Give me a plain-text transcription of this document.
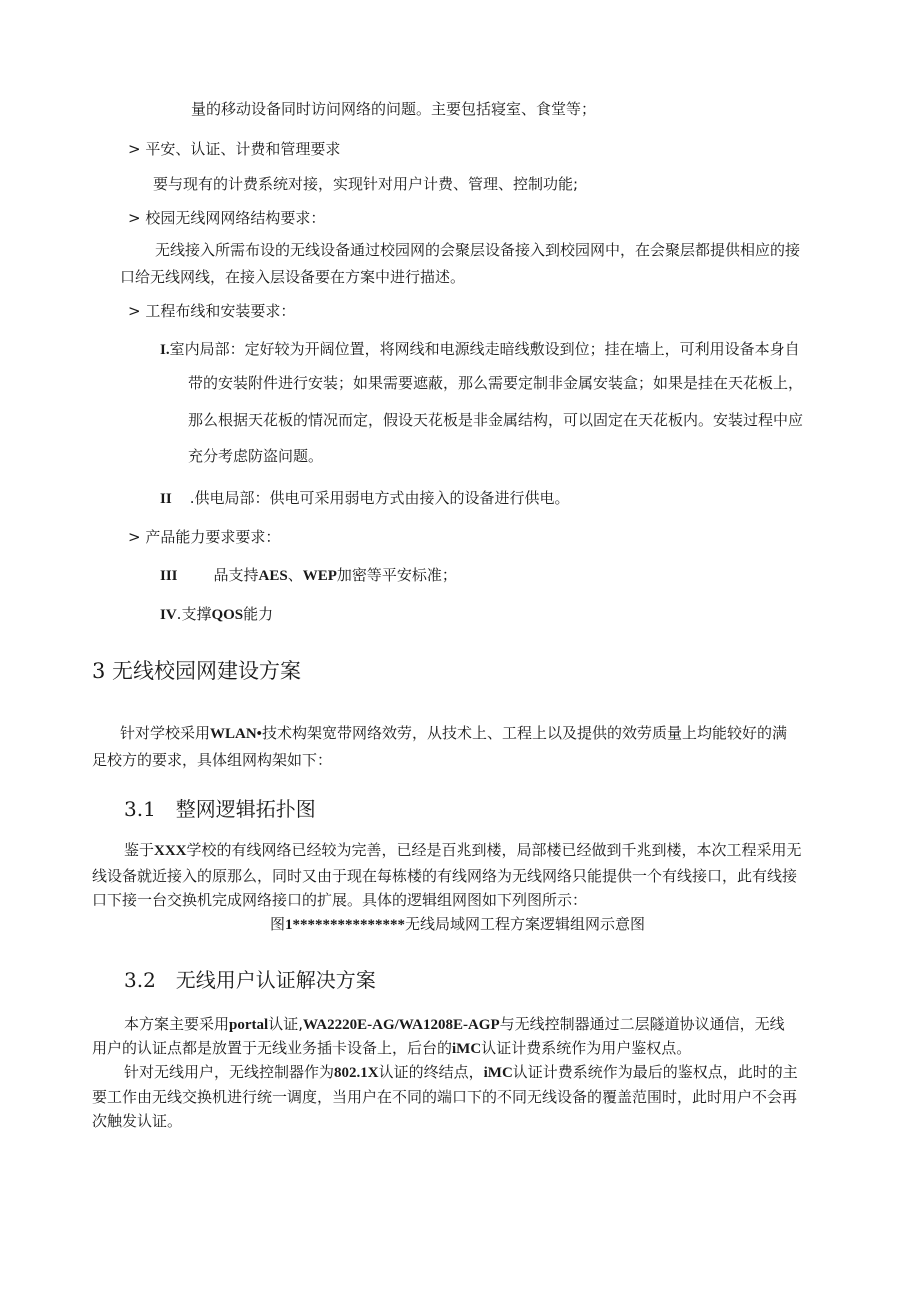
量的移动设备同时访问网络的问题。主要包括寝室、食堂等；
> 平安、认证、计费和管理要求
要与现有的计费系统对接，实现针对用户计费、管理、控制功能;
> 校园无线网网络结构要求：
无线接入所需布设的无线设备通过校园网的会聚层设备接入到校园网中，在会聚层都提供相应的接
口给无线网线，在接入层设备要在方案中进行描述。
> 工程布线和安装要求：
I.室内局部：定好较为开阔位置，将网线和电源线走暗线敷设到位；挂在墙上，可利用设备本身自
带的安装附件进行安装；如果需要遮蔽，那么需要定制非金属安装盒；如果是挂在天花板上，
那么根据天花板的情况而定，假设天花板是非金属结构，可以固定在天花板内。安装过程中应
充分考虑防盗问题。
II .供电局部：供电可采用弱电方式由接入的设备进行供电。
> 产品能力要求要求：
III 品支持AES、WEP加密等平安标准；
IV.支撑QOS能力
3 无线校园网建设方案
针对学校采用WLAN•技术构架宽带网络效劳，从技术上、工程上以及提供的效劳质量上均能较好的满
足校方的要求，具体组网构架如下：
3.1　整网逻辑拓扑图
鉴于XXX学校的有线网络已经较为完善，已经是百兆到楼，局部楼已经做到千兆到楼，本次工程采用无
线设备就近接入的原那么，同时又由于现在每栋楼的有线网络为无线网络只能提供一个有线接口，此有线接
口下接一台交换机完成网络接口的扩展。具体的逻辑组网图如下列图所示：
图1***************无线局域网工程方案逻辑组网示意图
3.2　无线用户认证解决方案
本方案主要采用portal认证,WA2220E-AG/WA1208E-AGP与无线控制器通过二层隧道协议通信，无线
用户的认证点都是放置于无线业务插卡设备上，后台的iMC认证计费系统作为用户鉴权点。
针对无线用户，无线控制器作为802.1X认证的终结点，iMC认证计费系统作为最后的鉴权点，此时的主
要工作由无线交换机进行统一调度，当用户在不同的端口下的不同无线设备的覆盖范围时，此时用户不会再
次触发认证。
